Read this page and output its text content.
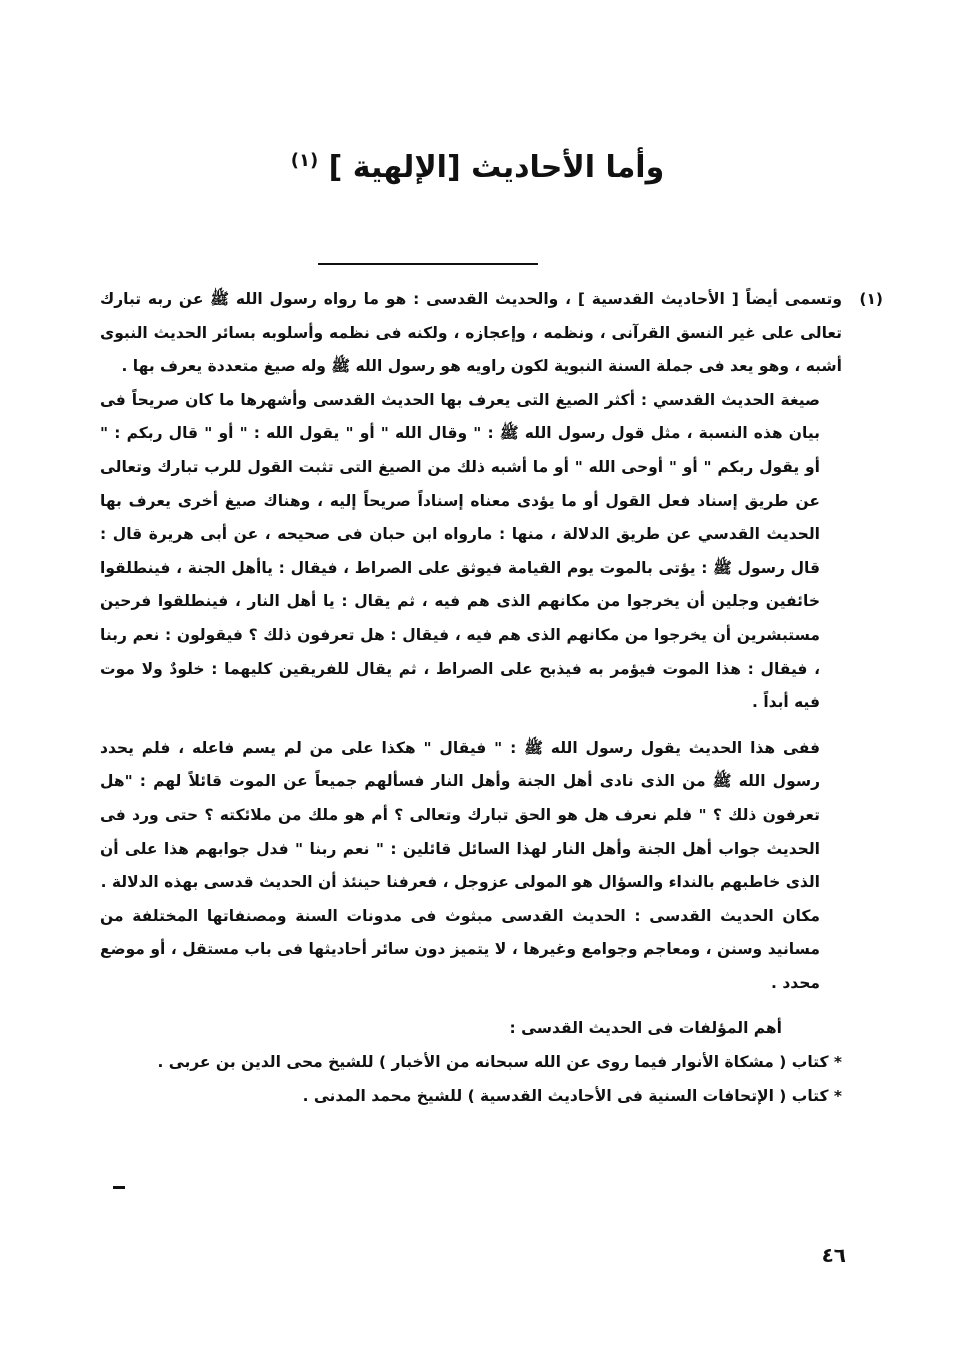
وأما الأحاديث [الإلهية ] $^{(١)}$
(١)

وتسمى أيضاً [ الأحاديث القدسية ] ، والحديث القدسى : هو ما رواه رسول الله ﷺ عن ربه تبارك تعالى على غير النسق القرآنى ، ونظمه ، وإعجازه ، ولكنه فى نظمه وأسلوبه بسائر الحديث النبوى أشبه ، وهو يعد فى جملة السنة النبوية لكون راويه هو رسول الله ﷺ وله صيغ متعددة يعرف بها .

صيغة الحديث القدسي : أكثر الصيغ التى يعرف بها الحديث القدسى وأشهرها ما كان صريحاً فى بيان هذه النسبة ، مثل قول رسول الله ﷺ : " وقال الله " أو " يقول الله : " أو " قال ربكم : " أو يقول ربكم " أو " أوحى الله " أو ما أشبه ذلك من الصيغ التى تثبت القول للرب تبارك وتعالى عن طريق إسناد فعل القول أو ما يؤدى معناه إسناداً صريحاً إليه ، وهناك صيغ أخرى يعرف بها الحديث القدسي عن طريق الدلالة ، منها : مارواه ابن حبان فى صحيحه ، عن أبى هريرة قال : قال رسول ﷺ : يؤتى بالموت يوم القيامة فيوثق على الصراط ، فيقال : ياأهل الجنة ، فينطلقوا خائفين وجلين أن يخرجوا من مكانهم الذى هم فيه ، ثم يقال : يا أهل النار ، فينطلقوا فرحين مستبشرين أن يخرجوا من مكانهم الذى هم فيه ، فيقال : هل تعرفون ذلك ؟ فيقولون : نعم ربنا ، فيقال : هذا الموت فيؤمر به فيذبح على الصراط ، ثم يقال للفريقين كليهما : خلودٌ ولا موت فيه أبداً .

ففى هذا الحديث يقول رسول الله ﷺ : " فيقال " هكذا على من لم يسم فاعله ، فلم يحدد رسول الله ﷺ من الذى نادى أهل الجنة وأهل النار فسألهم جميعاً عن الموت قائلاً لهم : "هل تعرفون ذلك ؟ " فلم نعرف هل هو الحق تبارك وتعالى ؟ أم هو ملك من ملائكته ؟ حتى ورد فى الحديث جواب أهل الجنة وأهل النار لهذا السائل قائلين : " نعم ربنا " فدل جوابهم هذا على أن الذى خاطبهم بالنداء والسؤال هو المولى عزوجل ، فعرفنا حينئذ أن الحديث قدسى بهذه الدلالة .

مكان الحديث القدسى : الحديث القدسى مبثوث فى مدونات السنة ومصنفاتها المختلفة من مسانيد وسنن ، ومعاجم وجوامع وغيرها ، لا يتميز دون سائر أحاديثها فى باب مستقل ، أو موضع محدد .

أهم المؤلفات فى الحديث القدسى :

* كتاب ( مشكاة الأنوار فيما روى عن الله سبحانه من الأخبار ) للشيخ محى الدين بن عربى .

* كتاب ( الإتحافات السنية فى الأحاديث القدسية ) للشيخ محمد المدنى .

٤٦
